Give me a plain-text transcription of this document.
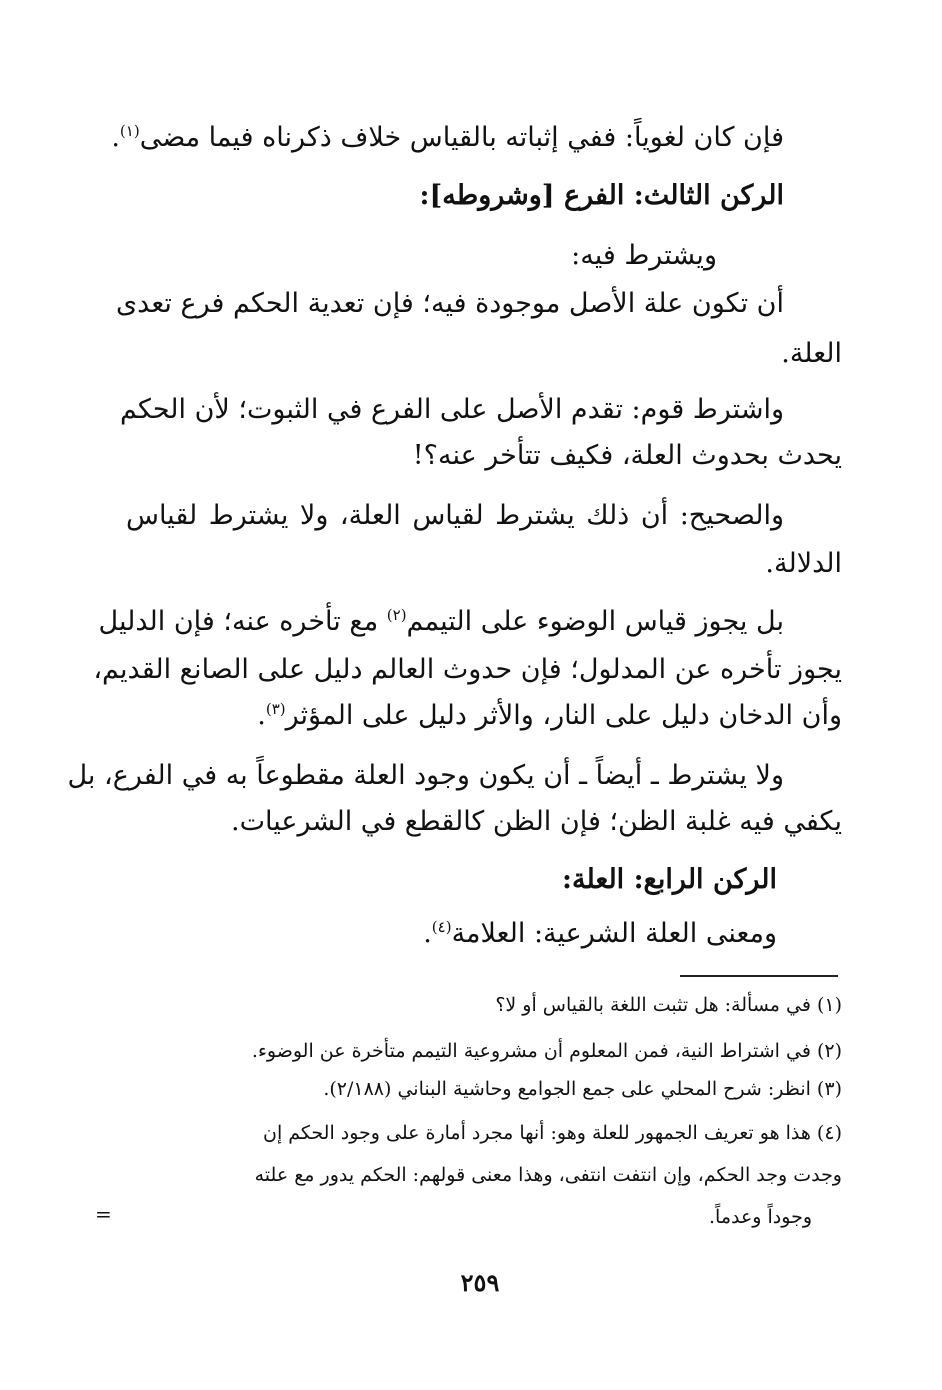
فإن كان لغوياً: ففي إثباته بالقياس خلاف ذكرناه فيما مضى$^{(١)}$.
الركن الثالث: الفرع [وشروطه]:
ويشترط فيه:
أن تكون علة الأصل موجودة فيه؛ فإن تعدية الحكم فرع تعدى
العلة.
واشترط قوم: تقدم الأصل على الفرع في الثبوت؛ لأن الحكم
يحدث بحدوث العلة، فكيف تتأخر عنه؟!
والصحيح: أن ذلك يشترط لقياس العلة، ولا يشترط لقياس
الدلالة.
بل يجوز قياس الوضوء على التيمم$^{(٢)}$ مع تأخره عنه؛ فإن الدليل
يجوز تأخره عن المدلول؛ فإن حدوث العالم دليل على الصانع القديم،
وأن الدخان دليل على النار، والأثر دليل على المؤثر$^{(٣)}$.
ولا يشترط ـ أيضاً ـ أن يكون وجود العلة مقطوعاً به في الفرع، بل
يكفي فيه غلبة الظن؛ فإن الظن كالقطع في الشرعيات.
الركن الرابع: العلة:
ومعنى العلة الشرعية: العلامة$^{(٤)}$.
(١) في مسألة: هل تثبت اللغة بالقياس أو لا؟
(٢) في اشتراط النية، فمن المعلوم أن مشروعية التيمم متأخرة عن الوضوء.
(٣) انظر: شرح المحلي على جمع الجوامع وحاشية البناني (٢/١٨٨).
(٤) هذا هو تعريف الجمهور للعلة وهو: أنها مجرد أمارة على وجود الحكم إن
وجدت وجد الحكم، وإن انتفت انتفى، وهذا معنى قولهم: الحكم يدور مع علته
وجوداً وعدماً.
=
٢٥٩
